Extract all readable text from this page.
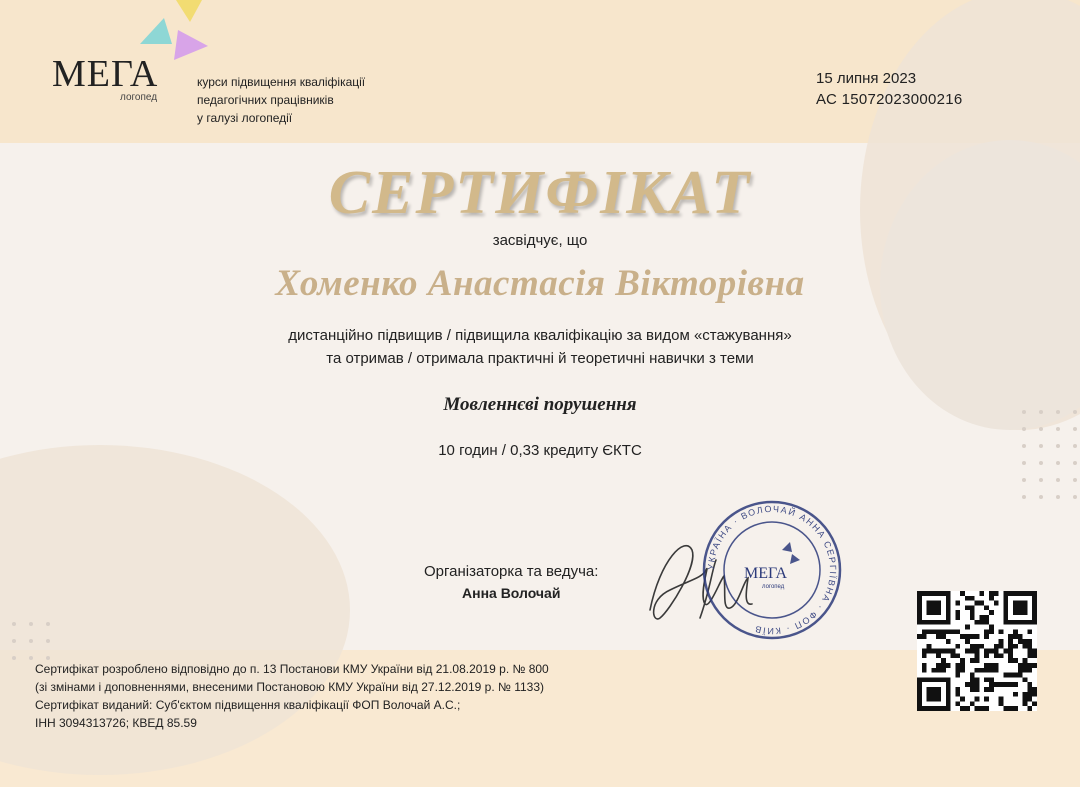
МЕГА
логопед
курси підвищення кваліфікації
педагогічних працівників
у галузі логопедії
15 липня 2023
АС 15072023000216
СЕРТИФІКАТ
засвідчує, що
Хоменко Анастасія Вікторівна
дистанційно підвищив / підвищила кваліфікацію за видом «стажування»
та отримав / отримала практичні й теоретичні навички з теми
Мовленнєві порушення
10 годин / 0,33 кредиту ЄКТС
Організаторка та ведуча:
Анна Волочай
УКРАЇНА · ВОЛОЧАЙ АННА СЕРГІЇВНА · ФОП · КИЇВ
МЕГА
логопед
Сертифікат розроблено відповідно до п. 13 Постанови КМУ України від 21.08.2019 р. № 800
(зі змінами і доповненнями, внесеними Постановою КМУ України від 27.12.2019 р. № 1133)
Сертифікат виданий: Суб'єктом підвищення кваліфікації ФОП Волочай А.С.;
ІНН 3094313726; КВЕД 85.59
